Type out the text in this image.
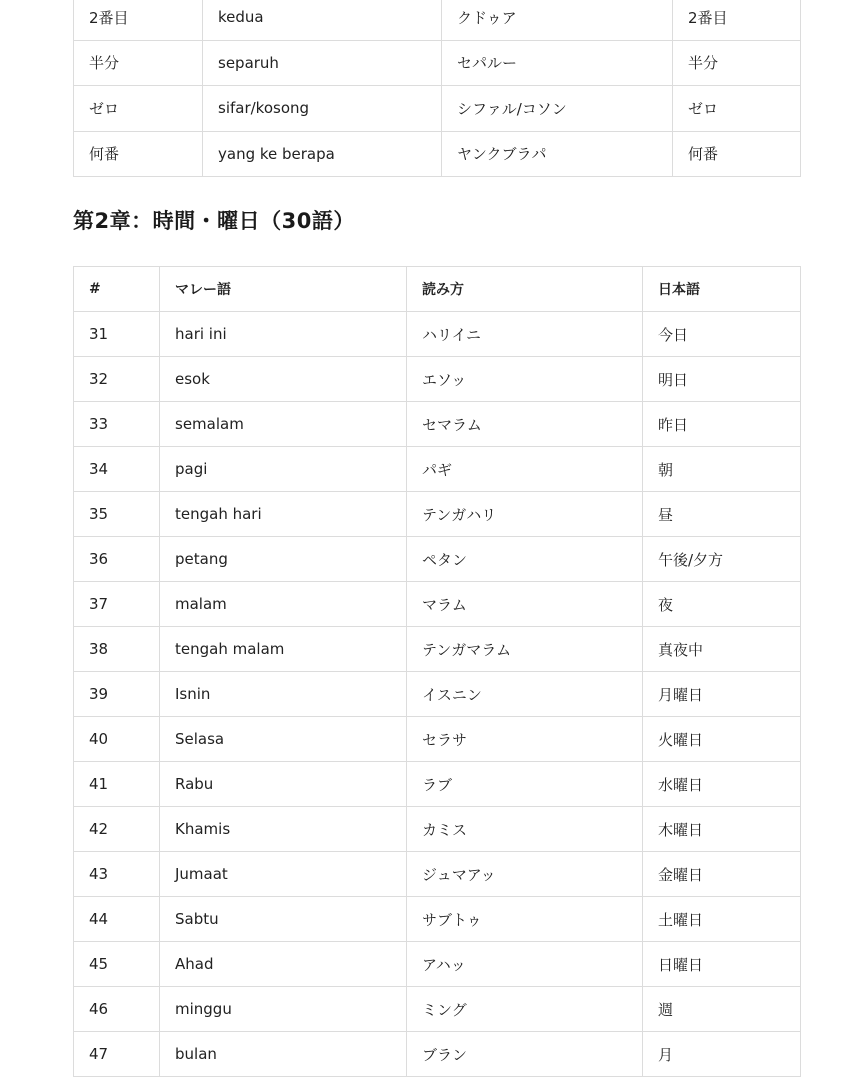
2番目	kedua	クドゥア	2番目
半分	separuh	セパルー	半分
ゼロ	sifar/kosong	シファル/コソン	ゼロ
何番	yang ke berapa	ヤンクブラパ	何番
第2章：時間・曜日（30語）
#	マレー語	読み方	日本語
31	hari ini	ハリイニ	今日
32	esok	エソッ	明日
33	semalam	セマラム	昨日
34	pagi	パギ	朝
35	tengah hari	テンガハリ	昼
36	petang	ペタン	午後/夕方
37	malam	マラム	夜
38	tengah malam	テンガマラム	真夜中
39	Isnin	イスニン	月曜日
40	Selasa	セラサ	火曜日
41	Rabu	ラブ	水曜日
42	Khamis	カミス	木曜日
43	Jumaat	ジュマアッ	金曜日
44	Sabtu	サブトゥ	土曜日
45	Ahad	アハッ	日曜日
46	minggu	ミング	週
47	bulan	ブラン	月
